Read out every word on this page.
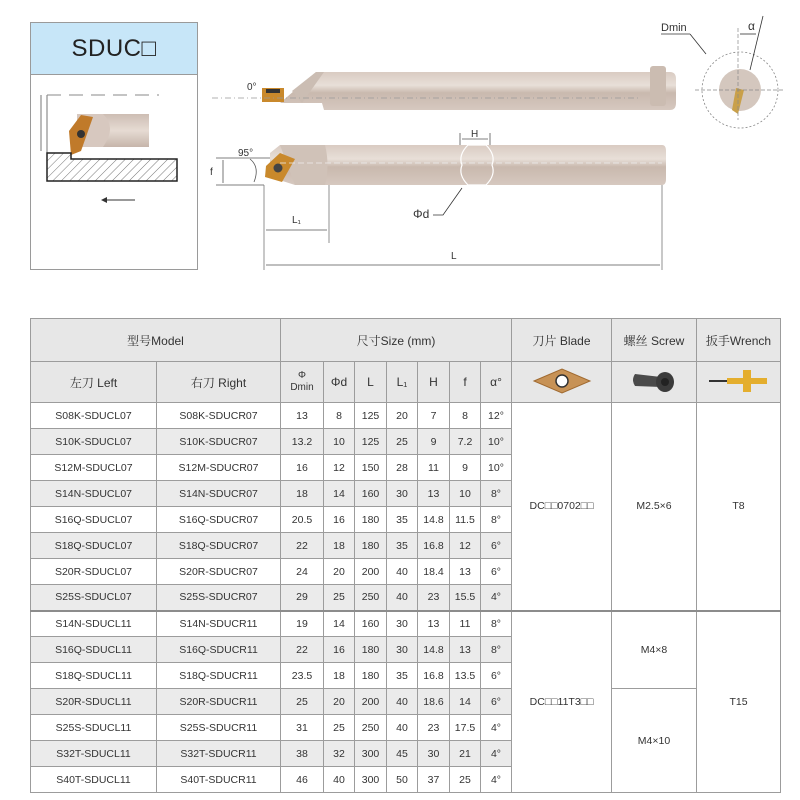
SDUC□
0°
H
Φd
f
95°
L₁
L
α
Dmin
型号Model		尺寸Size (mm)							刀片 Blade	螺丝 Screw	扳手Wrench
左刀 Left	右刀 Right	Φ
Dmin	Φd	L	L₁	H	f	α°			
S08K-SDUCL07	S08K-SDUCR07	13	8	125	20	7	8	12°	DC□□0702□□	M2.5×6	T8
S10K-SDUCL07	S10K-SDUCR07	13.2	10	125	25	9	7.2	10°			
S12M-SDUCL07	S12M-SDUCR07	16	12	150	28	11	9	10°			
S14N-SDUCL07	S14N-SDUCR07	18	14	160	30	13	10	8°			
S16Q-SDUCL07	S16Q-SDUCR07	20.5	16	180	35	14.8	11.5	8°			
S18Q-SDUCL07	S18Q-SDUCR07	22	18	180	35	16.8	12	6°			
S20R-SDUCL07	S20R-SDUCR07	24	20	200	40	18.4	13	6°			
S25S-SDUCL07	S25S-SDUCR07	29	25	250	40	23	15.5	4°			
S14N-SDUCL11	S14N-SDUCR11	19	14	160	30	13	11	8°	DC□□11T3□□	M4×8	T15
S16Q-SDUCL11	S16Q-SDUCR11	22	16	180	30	14.8	13	8°			
S18Q-SDUCL11	S18Q-SDUCR11	23.5	18	180	35	16.8	13.5	6°			
S20R-SDUCL11	S20R-SDUCR11	25	20	200	40	18.6	14	6°		M4×10	
S25S-SDUCL11	S25S-SDUCR11	31	25	250	40	23	17.5	4°			
S32T-SDUCL11	S32T-SDUCR11	38	32	300	45	30	21	4°			
S40T-SDUCL11	S40T-SDUCR11	46	40	300	50	37	25	4°			
